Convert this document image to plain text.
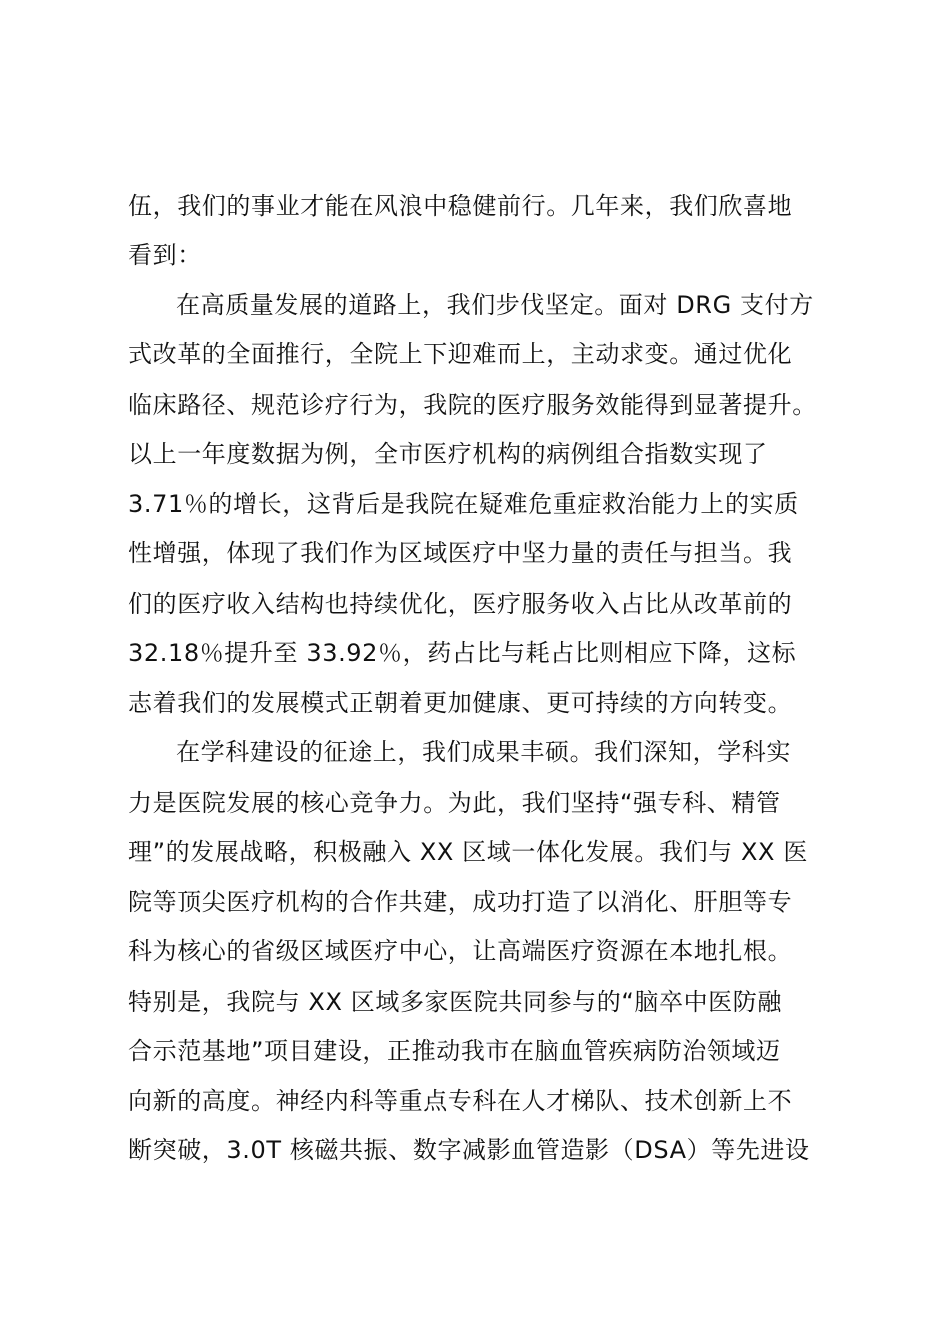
伍，我们的事业才能在风浪中稳健前行。几年来，我们欣喜地
看到：
在高质量发展的道路上，我们步伐坚定。面对 DRG 支付方
式改革的全面推行，全院上下迎难而上，主动求变。通过优化
临床路径、规范诊疗行为，我院的医疗服务效能得到显著提升。
以上一年度数据为例，全市医疗机构的病例组合指数实现了
3.71％的增长，这背后是我院在疑难危重症救治能力上的实质
性增强，体现了我们作为区域医疗中坚力量的责任与担当。我
们的医疗收入结构也持续优化，医疗服务收入占比从改革前的
32.18％提升至 33.92％，药占比与耗占比则相应下降，这标
志着我们的发展模式正朝着更加健康、更可持续的方向转变。
在学科建设的征途上，我们成果丰硕。我们深知，学科实
力是医院发展的核心竞争力。为此，我们坚持“强专科、精管
理”的发展战略，积极融入 XX 区域一体化发展。我们与 XX 医
院等顶尖医疗机构的合作共建，成功打造了以消化、肝胆等专
科为核心的省级区域医疗中心，让高端医疗资源在本地扎根。
特别是，我院与 XX 区域多家医院共同参与的“脑卒中医防融
合示范基地”项目建设，正推动我市在脑血管疾病防治领域迈
向新的高度。神经内科等重点专科在人才梯队、技术创新上不
断突破，3.0T 核磁共振、数字减影血管造影（DSA）等先进设
